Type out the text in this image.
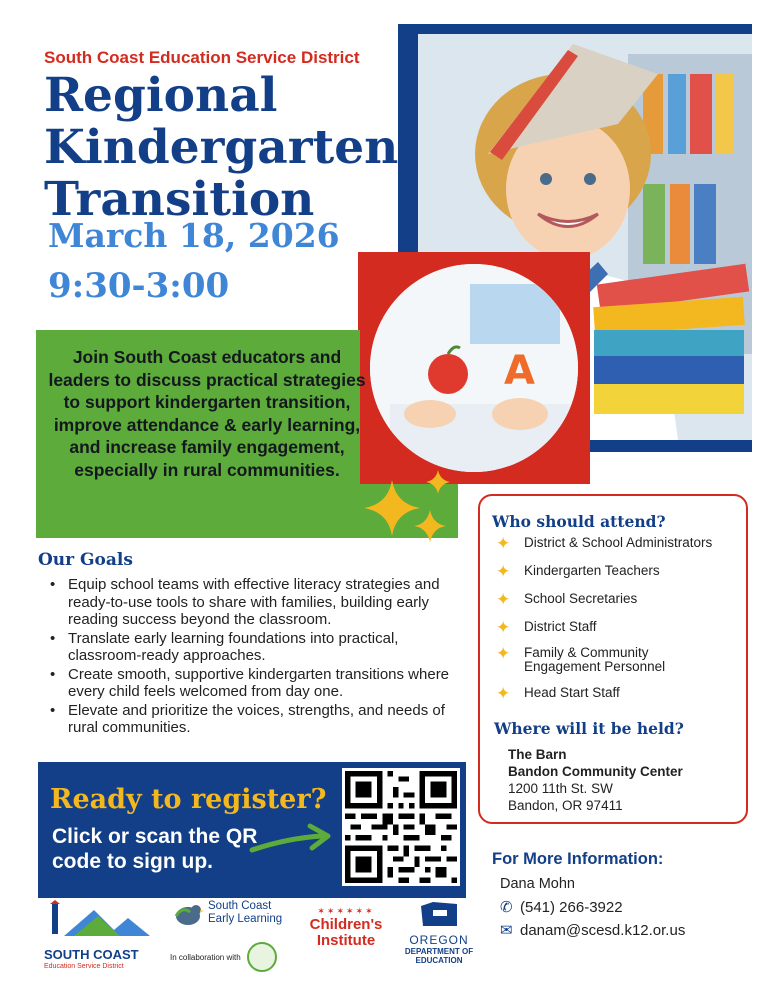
South Coast Education Service District
Regional
Kindergarten
Transition
March 18, 2026
9:30-3:00
A
Join South Coast educators and leaders to discuss practical strategies to support kindergarten transition, improve attendance & early learning, and increase family engagement, especially in rural communities.
Our Goals
• Equip school teams with effective literacy strategies and ready-to-use tools to share with families, building early reading success beyond the classroom.
• Translate early learning foundations into practical, classroom-ready approaches.
• Create smooth, supportive kindergarten transitions where every child feels welcomed from day one.
• Elevate and prioritize the voices, strengths, and needs of rural communities.
Ready to register?
Click or scan the QR code to sign up.
Who should attend?
✦ District & School Administrators
✦ Kindergarten Teachers
✦ School Secretaries
✦ District Staff
✦ Family & Community Engagement Personnel
✦ Head Start Staff
Where will it be held?
The Barn
Bandon Community Center
1200 11th St. SW
Bandon, OR 97411
For More Information:
Dana Mohn
✆ (541) 266-3922
✉ danam@scesd.k12.or.us
SOUTH COAST
Education Service District
South Coast Early Learning
In collaboration with
✶✶✶✶✶✶
Children's Institute	OREGON
DEPARTMENT OF EDUCATION
